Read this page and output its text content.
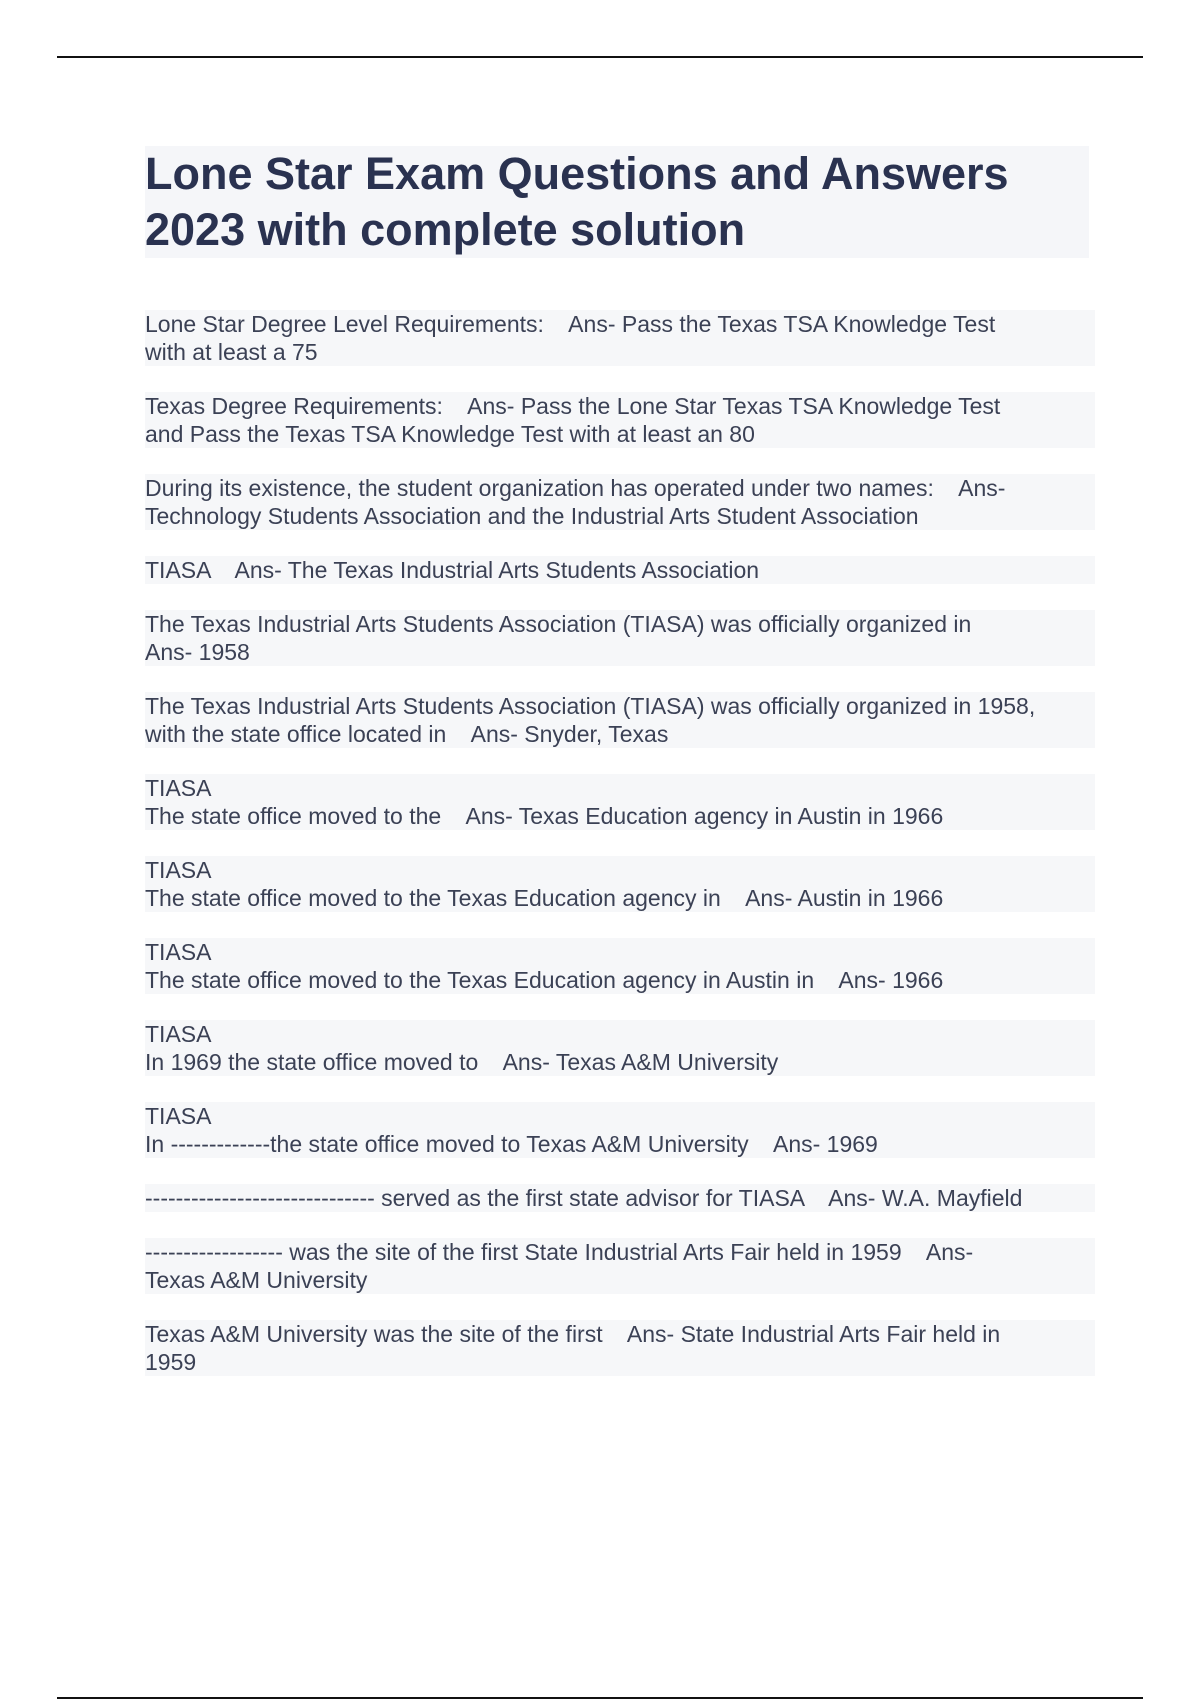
Lone Star Exam Questions and Answers
2023 with complete solution

Lone Star Degree Level Requirements:    Ans- Pass the Texas TSA Knowledge Test
with at least a 75

Texas Degree Requirements:    Ans- Pass the Lone Star Texas TSA Knowledge Test
and Pass the Texas TSA Knowledge Test with at least an 80

During its existence, the student organization has operated under two names:    Ans-
Technology Students Association and the Industrial Arts Student Association

TIASA    Ans- The Texas Industrial Arts Students Association

The Texas Industrial Arts Students Association (TIASA) was officially organized in
Ans- 1958

The Texas Industrial Arts Students Association (TIASA) was officially organized in 1958,
with the state office located in    Ans- Snyder, Texas

TIASA
The state office moved to the    Ans- Texas Education agency in Austin in 1966

TIASA
The state office moved to the Texas Education agency in    Ans- Austin in 1966

TIASA
The state office moved to the Texas Education agency in Austin in    Ans- 1966

TIASA
In 1969 the state office moved to    Ans- Texas A&M University

TIASA
In -------------the state office moved to Texas A&M University    Ans- 1969

------------------------------ served as the first state advisor for TIASA    Ans- W.A. Mayfield

------------------ was the site of the first State Industrial Arts Fair held in 1959    Ans-
Texas A&M University

Texas A&M University was the site of the first    Ans- State Industrial Arts Fair held in
1959
